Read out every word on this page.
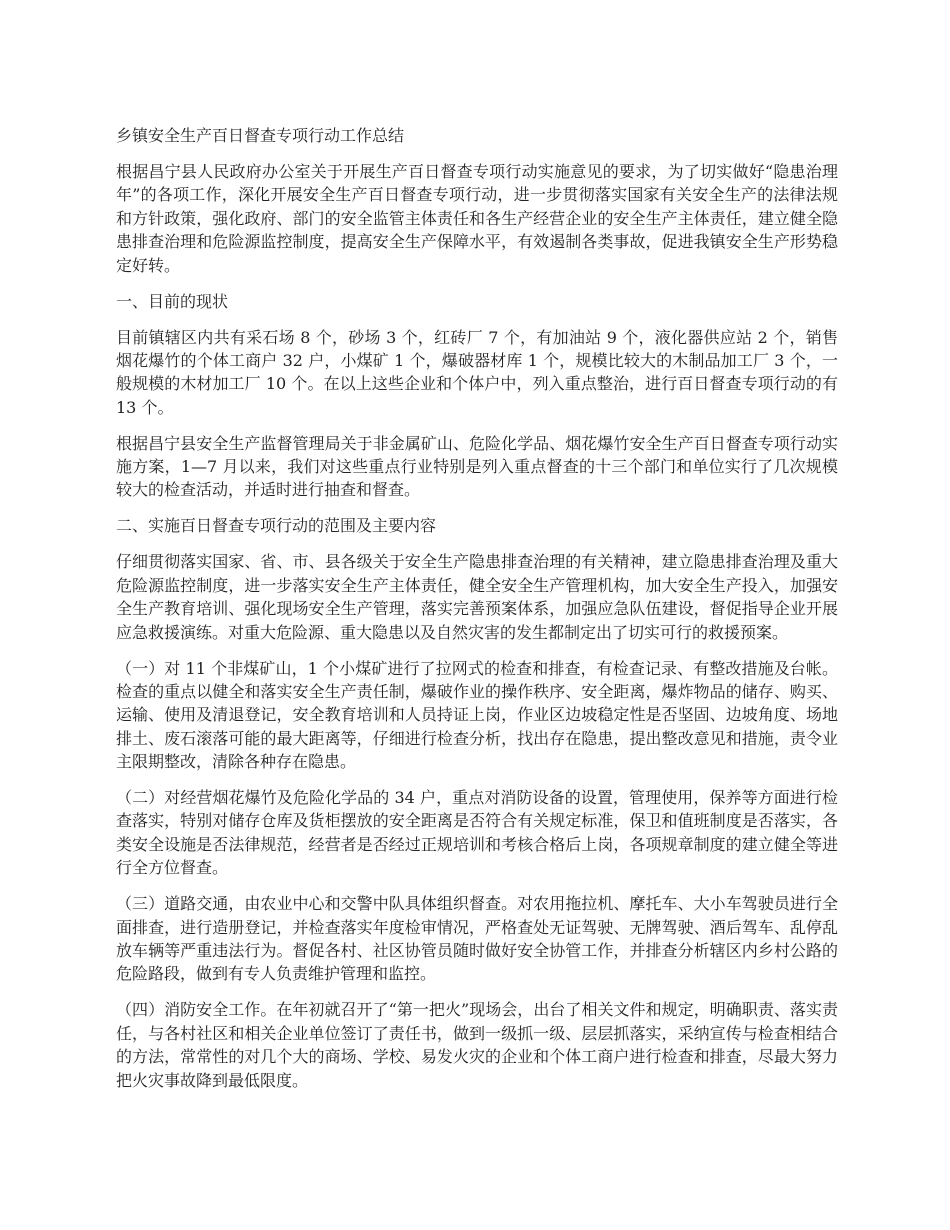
乡镇安全生产百日督查专项行动工作总结

根据昌宁县人民政府办公室关于开展生产百日督查专项行动实施意见的要求，为了切实做好“隐患治理年”的各项工作，深化开展安全生产百日督查专项行动，进一步贯彻落实国家有关安全生产的法律法规和方针政策，强化政府、部门的安全监管主体责任和各生产经营企业的安全生产主体责任，建立健全隐患排查治理和危险源监控制度，提高安全生产保障水平，有效遏制各类事故，促进我镇安全生产形势稳定好转。

一、目前的现状

目前镇辖区内共有采石场 8 个，砂场 3 个，红砖厂 7 个，有加油站 9 个，液化器供应站 2 个，销售烟花爆竹的个体工商户 32 户，小煤矿 1 个，爆破器材库 1 个，规模比较大的木制品加工厂 3 个，一般规模的木材加工厂 10 个。在以上这些企业和个体户中，列入重点整治，进行百日督查专项行动的有 13 个。

根据昌宁县安全生产监督管理局关于非金属矿山、危险化学品、烟花爆竹安全生产百日督查专项行动实施方案，1—7 月以来，我们对这些重点行业特别是列入重点督查的十三个部门和单位实行了几次规模较大的检查活动，并适时进行抽查和督查。

二、实施百日督查专项行动的范围及主要内容

仔细贯彻落实国家、省、市、县各级关于安全生产隐患排查治理的有关精神，建立隐患排查治理及重大危险源监控制度，进一步落实安全生产主体责任，健全安全生产管理机构，加大安全生产投入，加强安全生产教育培训、强化现场安全生产管理，落实完善预案体系，加强应急队伍建设，督促指导企业开展应急救援演练。对重大危险源、重大隐患以及自然灾害的发生都制定出了切实可行的救援预案。

（一）对 11 个非煤矿山，1 个小煤矿进行了拉网式的检查和排查，有检查记录、有整改措施及台帐。检查的重点以健全和落实安全生产责任制，爆破作业的操作秩序、安全距离，爆炸物品的储存、购买、运输、使用及清退登记，安全教育培训和人员持证上岗，作业区边坡稳定性是否坚固、边坡角度、场地排土、废石滚落可能的最大距离等，仔细进行检查分析，找出存在隐患，提出整改意见和措施，责令业主限期整改，清除各种存在隐患。

（二）对经营烟花爆竹及危险化学品的 34 户，重点对消防设备的设置，管理使用，保养等方面进行检查落实，特别对储存仓库及货柜摆放的安全距离是否符合有关规定标准，保卫和值班制度是否落实，各类安全设施是否法律规范，经营者是否经过正规培训和考核合格后上岗，各项规章制度的建立健全等进行全方位督查。

（三）道路交通，由农业中心和交警中队具体组织督查。对农用拖拉机、摩托车、大小车驾驶员进行全面排查，进行造册登记，并检查落实年度检审情况，严格查处无证驾驶、无牌驾驶、酒后驾车、乱停乱放车辆等严重违法行为。督促各村、社区协管员随时做好安全协管工作，并排查分析辖区内乡村公路的危险路段，做到有专人负责维护管理和监控。

（四）消防安全工作。在年初就召开了“第一把火”现场会，出台了相关文件和规定，明确职责、落实责任，与各村社区和相关企业单位签订了责任书，做到一级抓一级、层层抓落实，采纳宣传与检查相结合的方法，常常性的对几个大的商场、学校、易发火灾的企业和个体工商户进行检查和排查，尽最大努力把火灾事故降到最低限度。
